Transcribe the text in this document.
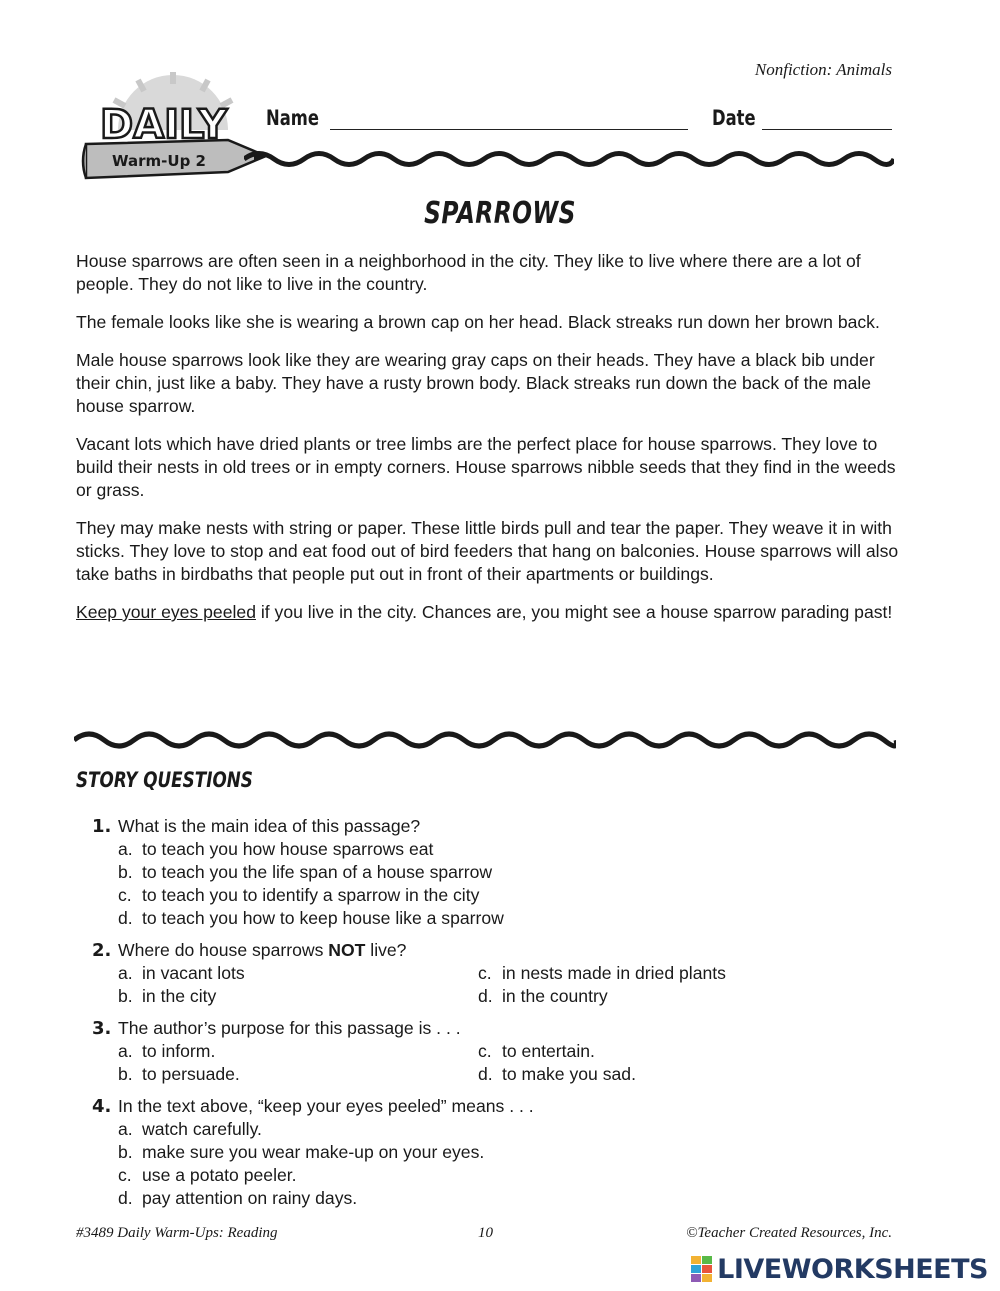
Nonfiction: Animals
DAILY
Warm-Up 2
Name	Date
SPARROWS

House sparrows are often seen in a neighborhood in the city. They like to live where there are a lot of people. They do not like to live in the country.

The female looks like she is wearing a brown cap on her head. Black streaks run down her brown back.

Male house sparrows look like they are wearing gray caps on their heads. They have a black bib under their chin, just like a baby. They have a rusty brown body. Black streaks run down the back of the male house sparrow.

Vacant lots which have dried plants or tree limbs are the perfect place for house sparrows. They love to build their nests in old trees or in empty corners. House sparrows nibble seeds that they find in the weeds or grass.

They may make nests with string or paper. These little birds pull and tear the paper. They weave it in with sticks. They love to stop and eat food out of bird feeders that hang on balconies. House sparrows will also take baths in birdbaths that people put out in front of their apartments or buildings.

Keep your eyes peeled if you live in the city. Chances are, you might see a house sparrow parading past!

STORY QUESTIONS
1. What is the main idea of this passage?
a. to teach you how house sparrows eat
b. to teach you the life span of a house sparrow
c. to teach you to identify a sparrow in the city
d. to teach you how to keep house like a sparrow
2. Where do house sparrows NOT live?
a. in vacant lots	c. in nests made in dried plants
b. in the city	d. in the country
3. The author’s purpose for this passage is . . .
a. to inform.	c. to entertain.
b. to persuade.	d. to make you sad.
4. In the text above, “keep your eyes peeled” means . . .
a. watch carefully.
b. make sure you wear make-up on your eyes.
c. use a potato peeler.
d. pay attention on rainy days.
#3489 Daily Warm-Ups: Reading	10	©Teacher Created Resources, Inc.
LIVEWORKSHEETS
